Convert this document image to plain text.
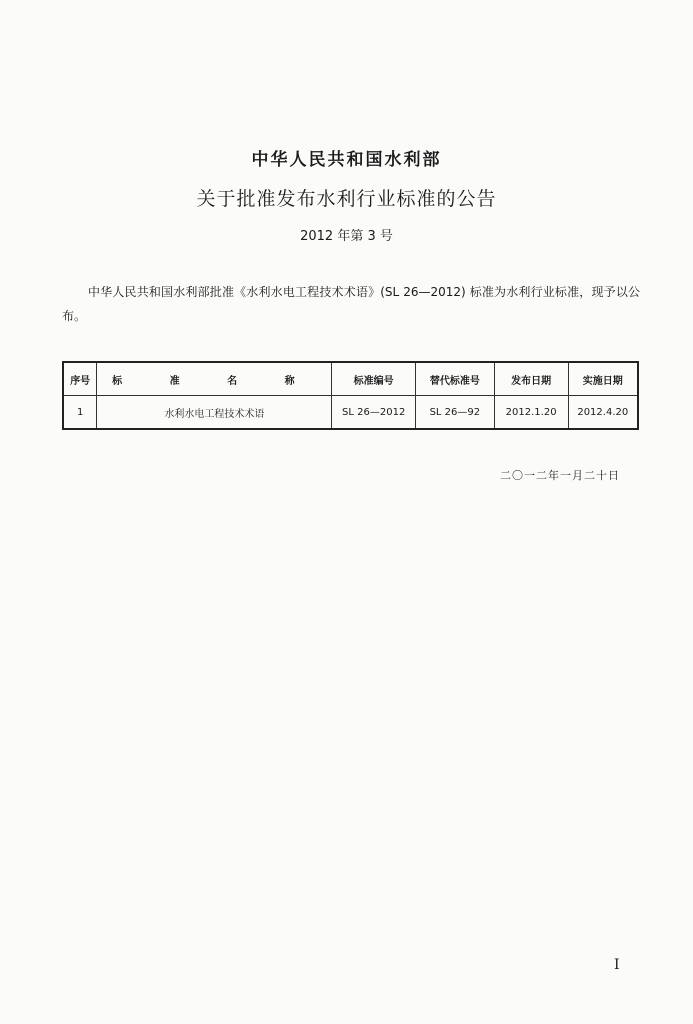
中华人民共和国水利部
关于批准发布水利行业标准的公告
2012 年第 3 号
中华人民共和国水利部批准《水利水电工程技术术语》(SL 26—2012) 标准为水利行业标准，现予以公布。
序号	标 准 名 称	标准编号	替代标准号	发布日期	实施日期
1	水利水电工程技术术语	SL 26—2012	SL 26—92	2012.1.20	2012.4.20
二〇一二年一月二十日
I
